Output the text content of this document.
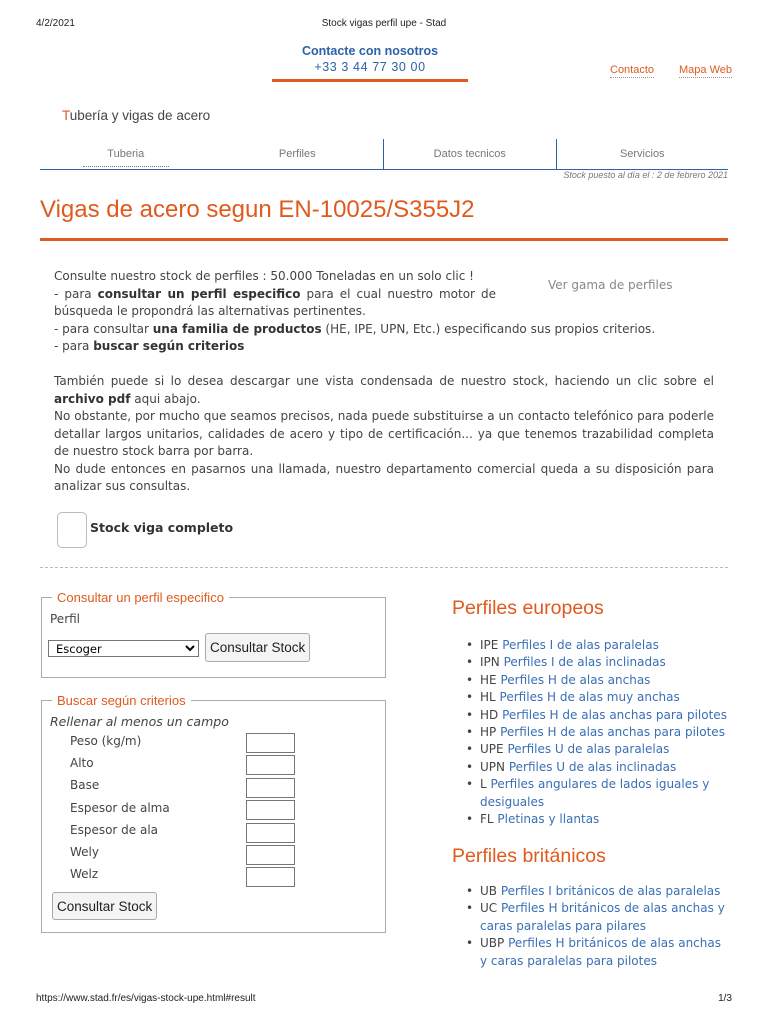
4/2/2021	Stock vigas perfil upe - Stad
Contacte con nosotros
+33 3 44 77 30 00	Contacto Mapa Web
Tubería y vigas de acero
Tuberia	Perfiles	Datos tecnicos	Servicios
Stock puesto al día el : 2 de febrero 2021
Vigas de acero segun EN-10025/S355J2

Consulte nuestro stock de perfiles : 50.000 Toneladas en un solo clic !

- para consultar un perfil especifico para el cual nuestro motor de búsqueda le propondrá las alternativas pertinentes.

- para consultar una familia de productos (HE, IPE, UPN, Etc.) especificando sus propios criterios.

- para buscar según criterios

Ver gama de perfiles

También puede si lo desea descargar une vista condensada de nuestro stock, haciendo un clic sobre el archivo pdf aqui abajo.

No obstante, por mucho que seamos precisos, nada puede substituirse a un contacto telefónico para poderle detallar largos unitarios, calidades de acero y tipo de certificación... ya que tenemos trazabilidad completa de nuestro stock barra por barra.

No dude entonces en pasarnos una llamada, nuestro departamento comercial queda a su disposición para analizar sus consultas.

Stock viga completo
Consultar un perfil especifico
Perfil
Escoger
Consultar Stock
Buscar según criterios
Rellenar al menos un campo
Peso (kg/m)
Alto
Base
Espesor de alma
Espesor de ala
Wely
Welz
Consultar Stock
Perfiles europeos
• IPE Perfiles I de alas paralelas
• IPN Perfiles I de alas inclinadas
• HE Perfiles H de alas anchas
• HL Perfiles H de alas muy anchas
• HD Perfiles H de alas anchas para pilotes
• HP Perfiles H de alas anchas para pilotes
• UPE Perfiles U de alas paralelas
• UPN Perfiles U de alas inclinadas
• L Perfiles angulares de lados iguales y desiguales
• FL Pletinas y llantas
Perfiles británicos
• UB Perfiles I británicos de alas paralelas
• UC Perfiles H británicos de alas anchas y caras paralelas para pilares
• UBP Perfiles H británicos de alas anchas y caras paralelas para pilotes
https://www.stad.fr/es/vigas-stock-upe.html#result	1/3
